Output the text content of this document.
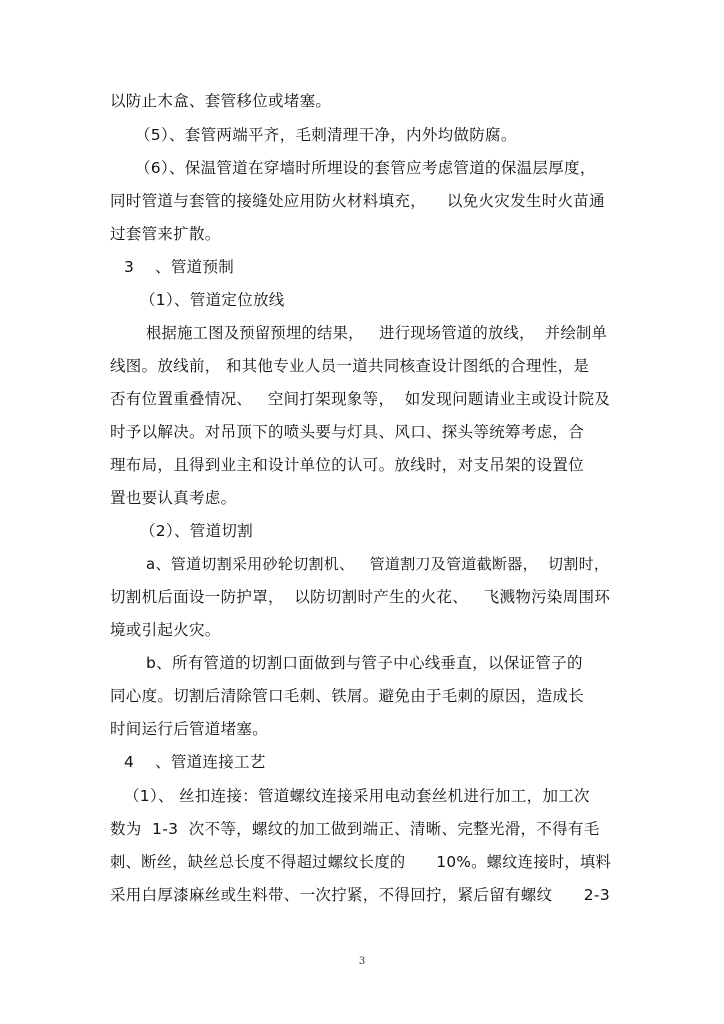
以防止木盒、套管移位或堵塞。
（5）、套管两端平齐，毛刺清理干净，内外均做防腐。
（6）、保温管道在穿墙时所埋设的套管应考虑管道的保温层厚度，
同时管道与套管的接缝处应用防火材料填充，    以免火灾发生时火苗通
过套管来扩散。
3    、管道预制
（1）、管道定位放线
根据施工图及预留预埋的结果，   进行现场管道的放线，  并绘制单
线图。放线前， 和其他专业人员一道共同核查设计图纸的合理性，是
否有位置重叠情况、   空间打架现象等，  如发现问题请业主或设计院及
时予以解决。对吊顶下的喷头要与灯具、风口、探头等统筹考虑，合
理布局，且得到业主和设计单位的认可。放线时，对支吊架的设置位
置也要认真考虑。
（2）、管道切割
a、管道切割采用砂轮切割机、   管道割刀及管道截断器，  切割时，
切割机后面设一防护罩，  以防切割时产生的火花、   飞溅物污染周围环
境或引起火灾。
b、所有管道的切割口面做到与管子中心线垂直，以保证管子的
同心度。切割后清除管口毛刺、铁屑。避免由于毛刺的原因，造成长
时间运行后管道堵塞。
4    、管道连接工艺
（1）、 丝扣连接：管道螺纹连接采用电动套丝机进行加工，加工次
数为  1-3  次不等，螺纹的加工做到端正、清晰、完整光滑，不得有毛
刺、断丝，缺丝总长度不得超过螺纹长度的      10%。螺纹连接时，填料
采用白厚漆麻丝或生料带、一次拧紧，不得回拧，紧后留有螺纹      2-3
3
